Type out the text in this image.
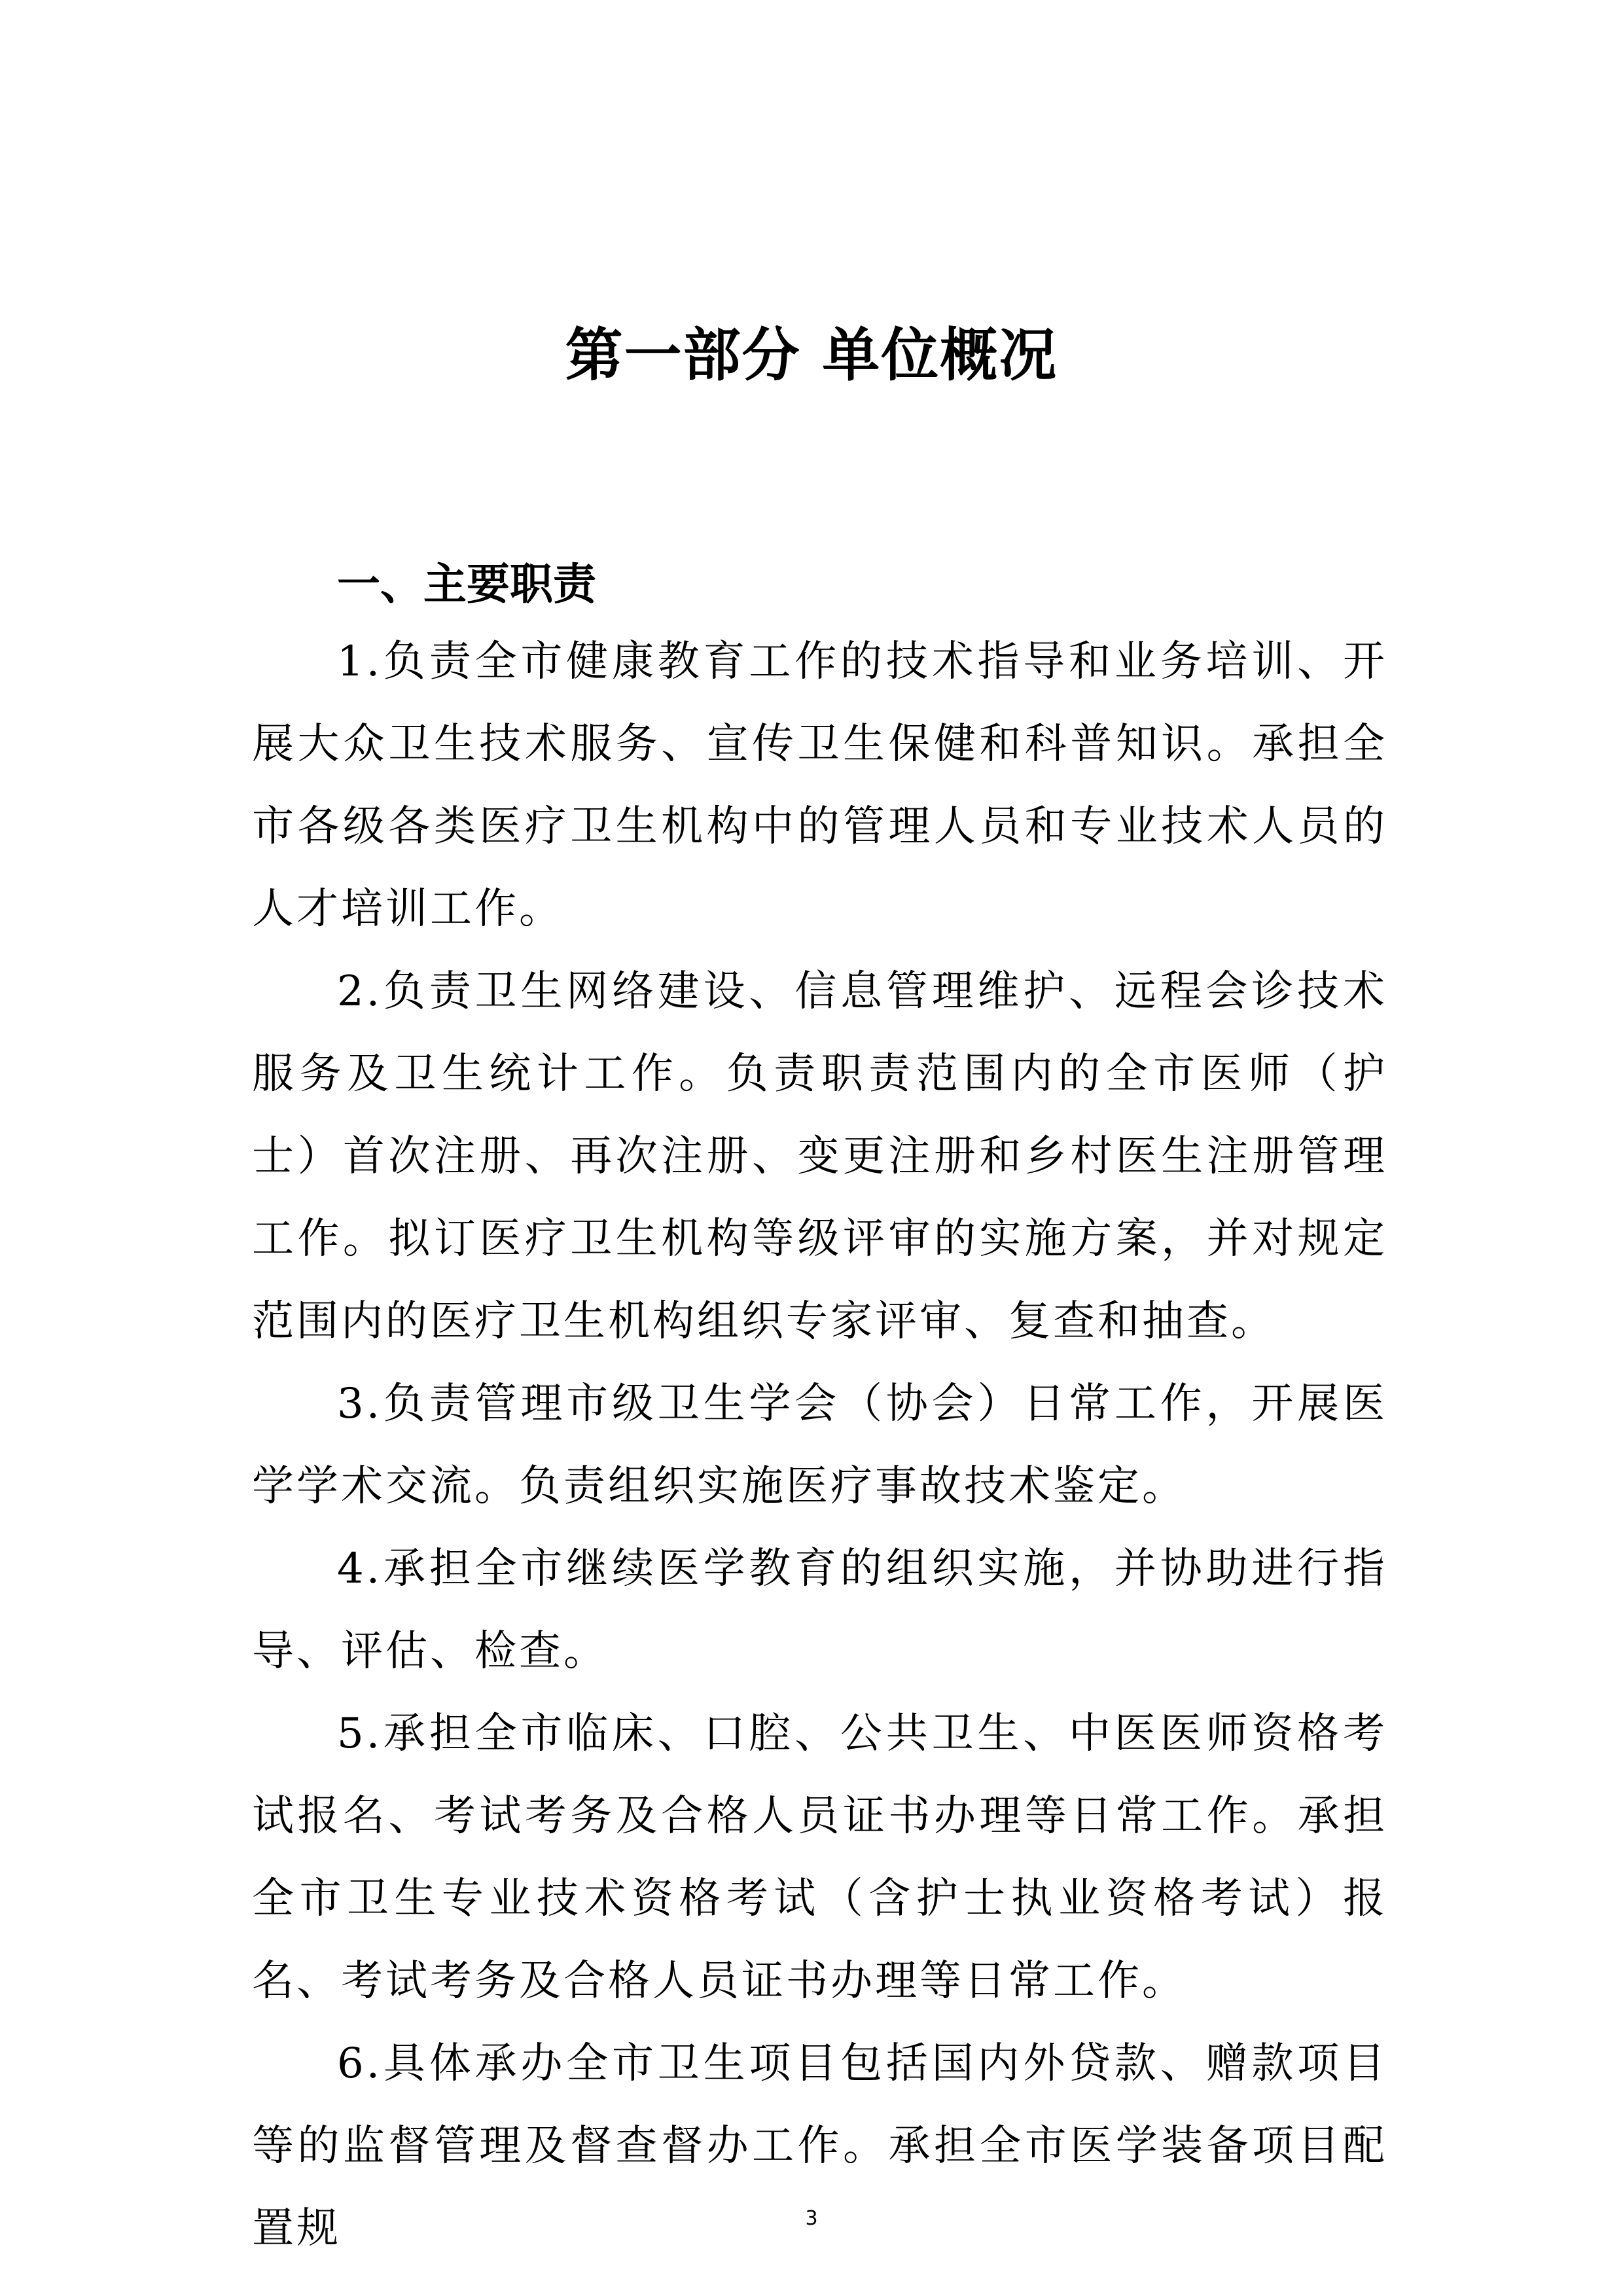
第一部分 单位概况
一、主要职责

1.负责全市健康教育工作的技术指导和业务培训、开展大众卫生技术服务、宣传卫生保健和科普知识。承担全市各级各类医疗卫生机构中的管理人员和专业技术人员的人才培训工作。

2.负责卫生网络建设、信息管理维护、远程会诊技术服务及卫生统计工作。负责职责范围内的全市医师（护士）首次注册、再次注册、变更注册和乡村医生注册管理工作。拟订医疗卫生机构等级评审的实施方案，并对规定范围内的医疗卫生机构组织专家评审、复查和抽查。

3.负责管理市级卫生学会（协会）日常工作，开展医学学术交流。负责组织实施医疗事故技术鉴定。

4.承担全市继续医学教育的组织实施，并协助进行指导、评估、检查。

5.承担全市临床、口腔、公共卫生、中医医师资格考试报名、考试考务及合格人员证书办理等日常工作。承担全市卫生专业技术资格考试（含护士执业资格考试）报名、考试考务及合格人员证书办理等日常工作。

6.具体承办全市卫生项目包括国内外贷款、赠款项目等的监督管理及督查督办工作。承担全市医学装备项目配置规	3
